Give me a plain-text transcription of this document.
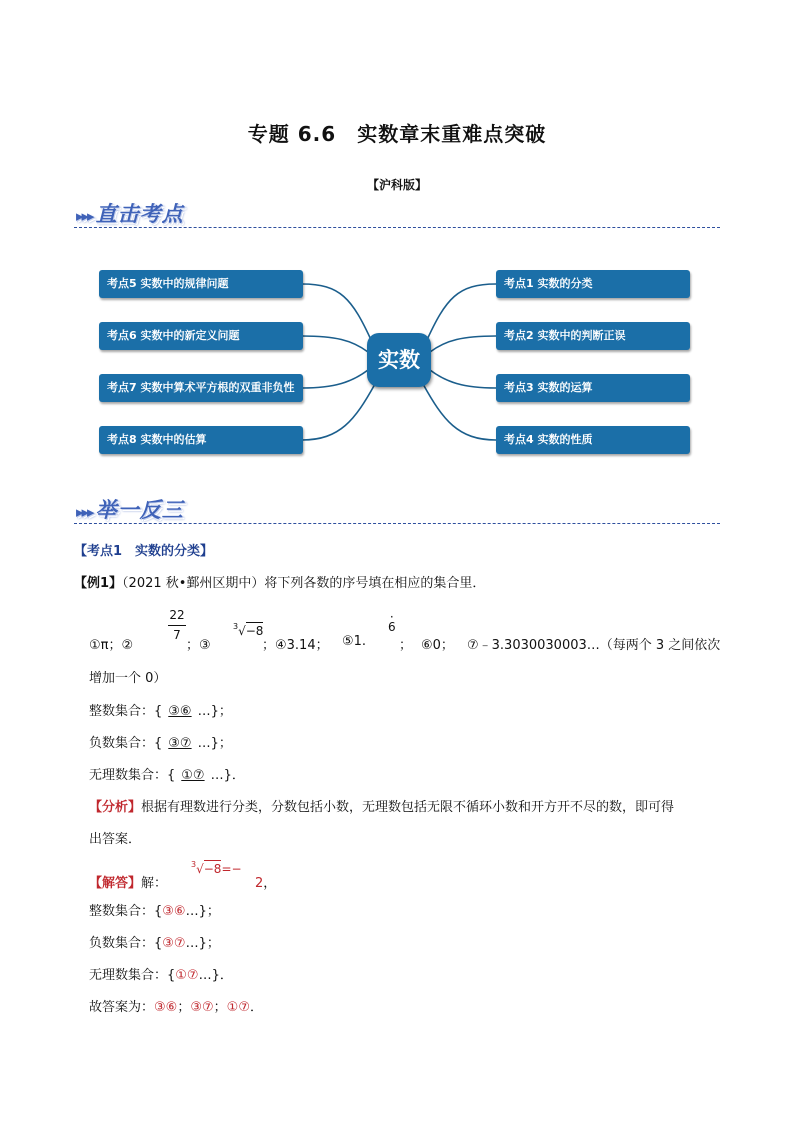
专题 6.6　实数章末重难点突破
【沪科版】
▸▸▸ 直击考点
考点5 实数中的规律问题
考点6 实数中的新定义问题
考点7 实数中算术平方根的双重非负性
考点8 实数中的估算
考点1 实数的分类
考点2 实数中的判断正误
考点3 实数的运算
考点4 实数的性质
实数
▸▸▸ 举一反三
【考点1　实数的分类】
【例1】（2021 秋•鄞州区期中）将下列各数的序号填在相应的集合里．
①π；②
22
7
；③
$^3$√−8
；④3.14； ⑤1.
·
6
； ⑥0； ⑦﹣3.3030030003…（每两个 3 之间依次
增加一个 0）
整数集合：{ ③⑥ …}；
负数集合：{ ③⑦ …}；
无理数集合：{ ①⑦ …}．
【分析】根据有理数进行分类，分数包括小数，无理数包括无限不循环小数和开方开不尽的数，即可得
出答案．
【解答】解：
$^3$√−8=−
2，
整数集合：{③⑥…}；
负数集合：{③⑦…}；
无理数集合：{①⑦…}．
故答案为：③⑥；③⑦；①⑦．
